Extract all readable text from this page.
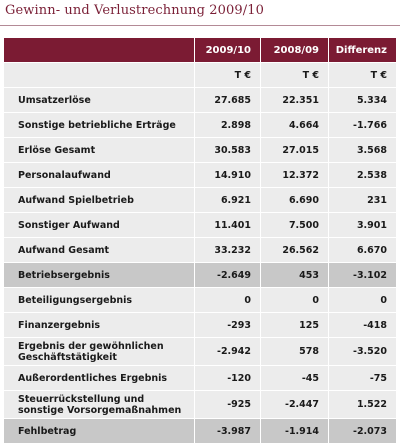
Gewinn- und Verlustrechnung 2009/10
	2009/10	2008/09	Differenz
	T €	T €	T €
Umsatzerlöse	27.685	22.351	5.334
Sonstige betriebliche Erträge	2.898	4.664	-1.766
Erlöse Gesamt	30.583	27.015	3.568
Personalaufwand	14.910	12.372	2.538
Aufwand Spielbetrieb	6.921	6.690	231
Sonstiger Aufwand	11.401	7.500	3.901
Aufwand Gesamt	33.232	26.562	6.670
Betriebsergebnis	-2.649	453	-3.102
Beteiligungsergebnis	0	0	0
Finanzergebnis	-293	125	-418
Ergebnis der gewöhnlichen
Geschäftstätigkeit	-2.942	578	-3.520
Außerordentliches Ergebnis	-120	-45	-75
Steuerrückstellung und
sonstige Vorsorgemaßnahmen	-925	-2.447	1.522
Fehlbetrag	-3.987	-1.914	-2.073
